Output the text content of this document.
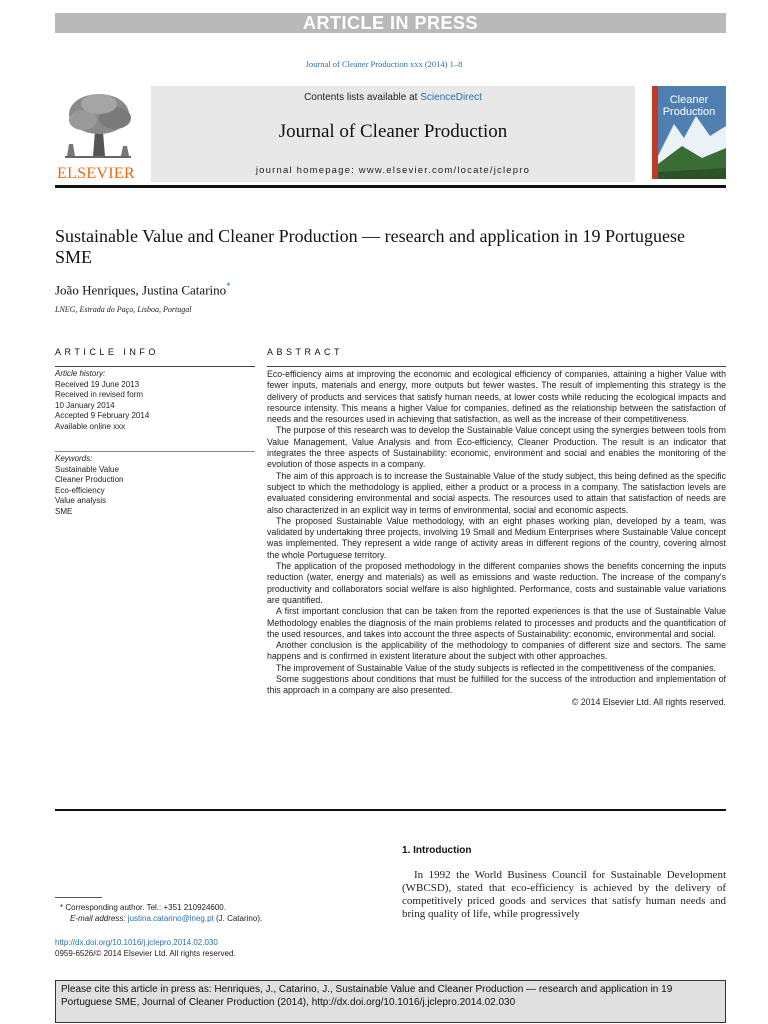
ARTICLE IN PRESS
Journal of Cleaner Production xxx (2014) 1–8
ELSEVIER
Contents lists available at ScienceDirect
Journal of Cleaner Production
journal homepage: www.elsevier.com/locate/jclepro
Cleaner Production
Sustainable Value and Cleaner Production — research and application in 19 Portuguese SME
João Henriques, Justina Catarino*
LNEG, Estrada do Paço, Lisboa, Portugal
ARTICLE INFO	ABSTRACT
Article history:
Received 19 June 2013
Received in revised form
10 January 2014
Accepted 9 February 2014
Available online xxx
Keywords:
Sustainable Value
Cleaner Production
Eco-efficiency
Value analysis
SME

Eco-efficiency aims at improving the economic and ecological efficiency of companies, attaining a higher Value with fewer inputs, materials and energy, more outputs but fewer wastes. The result of implementing this strategy is the delivery of products and services that satisfy human needs, at lower costs while reducing the ecological impacts and resource intensity. This means a higher Value for companies, defined as the relationship between the satisfaction of needs and the resources used in achieving that satisfaction, as well as the increase of their competitiveness.

The purpose of this research was to develop the Sustainable Value concept using the synergies between tools from Value Management, Value Analysis and from Eco-efficiency, Cleaner Production. The result is an indicator that integrates the three aspects of Sustainability: economic, environment and social and enables the monitoring of the evolution of those aspects in a company.

The aim of this approach is to increase the Sustainable Value of the study subject, this being defined as the specific subject to which the methodology is applied, either a product or a process in a company. The satisfaction levels are evaluated considering environmental and social aspects. The resources used to attain that satisfaction of needs are also characterized in an explicit way in terms of environmental, social and economic aspects.

The proposed Sustainable Value methodology, with an eight phases working plan, developed by a team, was validated by undertaking three projects, involving 19 Small and Medium Enterprises where Sustainable Value concept was implemented. They represent a wide range of activity areas in different regions of the country, covering almost the whole Portuguese territory.

The application of the proposed methodology in the different companies shows the benefits concerning the inputs reduction (water, energy and materials) as well as emissions and waste reduction. The increase of the company's productivity and collaborators social welfare is also highlighted. Performance, costs and sustainable value variations are quantified.

A first important conclusion that can be taken from the reported experiences is that the use of Sustainable Value Methodology enables the diagnosis of the main problems related to processes and products and the quantification of the used resources, and takes into account the three aspects of Sustainability: economic, environmental and social.

Another conclusion is the applicability of the methodology to companies of different size and sectors. The same happens and is confirmed in existent literature about the subject with other approaches.

The improvement of Sustainable Value of the study subjects is reflected in the competitiveness of the companies.

Some suggestions about conditions that must be fulfilled for the success of the introduction and implementation of this approach in a company are also presented.

© 2014 Elsevier Ltd. All rights reserved.

1. Introduction

In 1992 the World Business Council for Sustainable Development (WBCSD), stated that eco-efficiency is achieved by the delivery of competitively priced goods and services that satisfy human needs and bring quality of life, while progressively

* Corresponding author. Tel.: +351 210924600.
E-mail address: justina.catarino@lneg.pt (J. Catarino).
http://dx.doi.org/10.1016/j.jclepro.2014.02.030
0959-6526/© 2014 Elsevier Ltd. All rights reserved.
Please cite this article in press as: Henriques, J., Catarino, J., Sustainable Value and Cleaner Production — research and application in 19 Portuguese SME, Journal of Cleaner Production (2014), http://dx.doi.org/10.1016/j.jclepro.2014.02.030
